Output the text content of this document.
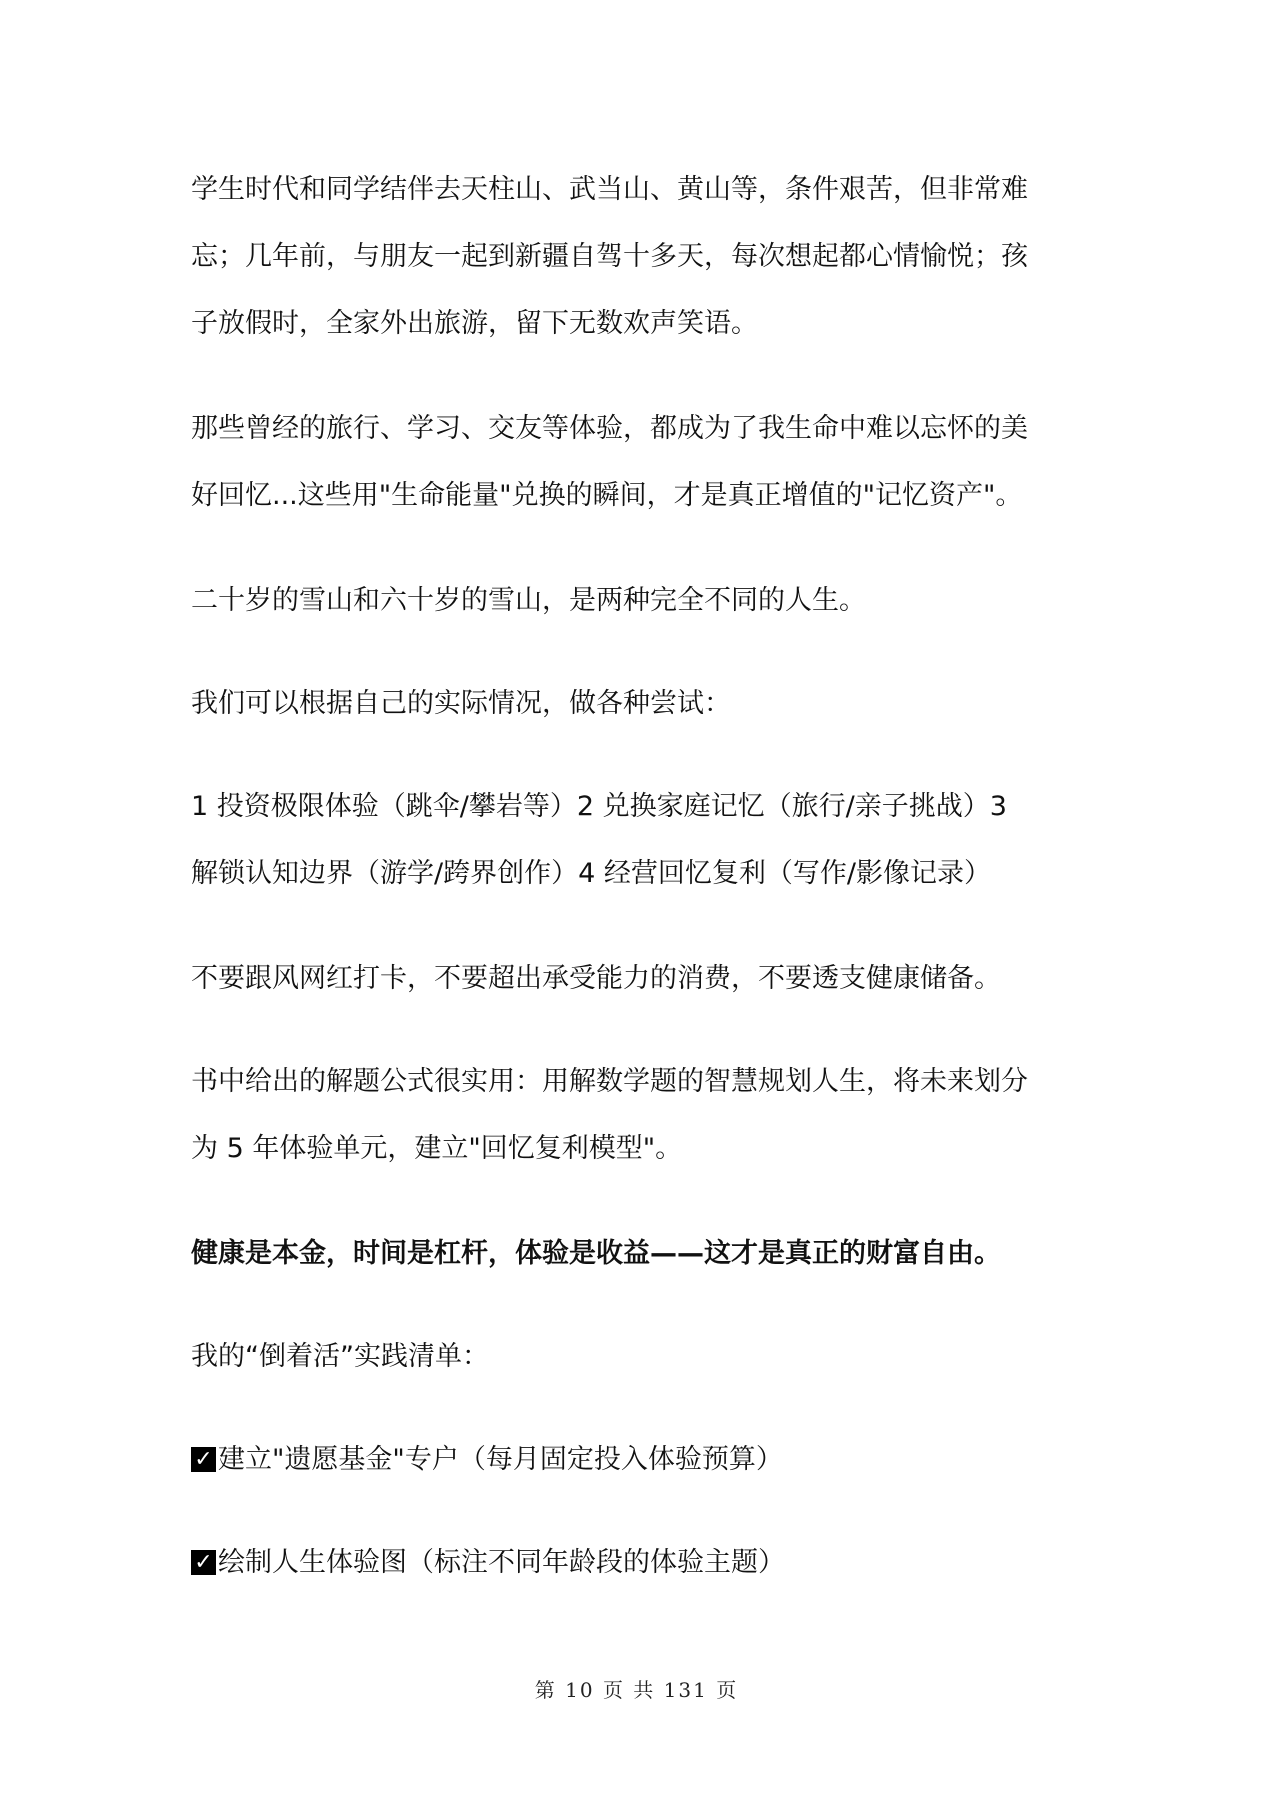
学生时代和同学结伴去天柱山、武当山、黄山等，条件艰苦，但非常难
忘；几年前，与朋友一起到新疆自驾十多天，每次想起都心情愉悦；孩
子放假时，全家外出旅游，留下无数欢声笑语。
那些曾经的旅行、学习、交友等体验，都成为了我生命中难以忘怀的美
好回忆...这些用"生命能量"兑换的瞬间，才是真正增值的"记忆资产"。
二十岁的雪山和六十岁的雪山，是两种完全不同的人生。
我们可以根据自己的实际情况，做各种尝试：
1 投资极限体验（跳伞/攀岩等）2 兑换家庭记忆（旅行/亲子挑战）3
解锁认知边界（游学/跨界创作）4 经营回忆复利（写作/影像记录）
不要跟风网红打卡，不要超出承受能力的消费，不要透支健康储备。
书中给出的解题公式很实用：用解数学题的智慧规划人生，将未来划分
为 5 年体验单元，建立"回忆复利模型"。
健康是本金，时间是杠杆，体验是收益——这才是真正的财富自由。
我的“倒着活”实践清单：
✓ 建立"遗愿基金"专户（每月固定投入体验预算）
✓ 绘制人生体验图（标注不同年龄段的体验主题）
第 10 页 共 131 页
